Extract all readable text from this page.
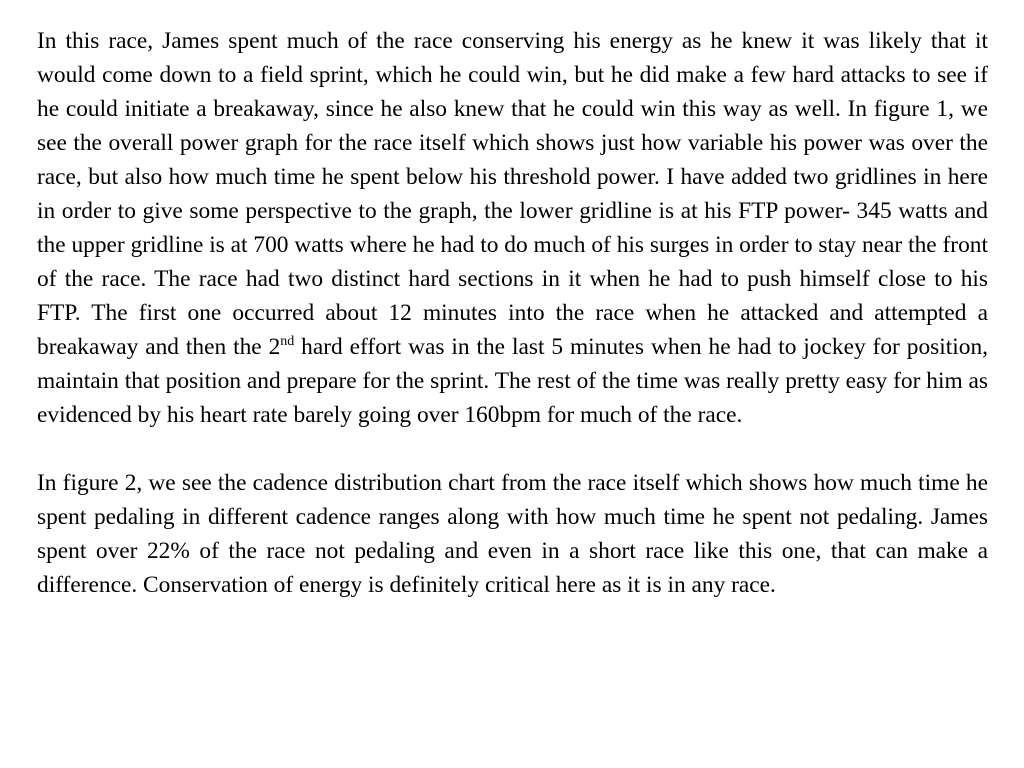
In this race, James spent much of the race conserving his energy as he knew it was likely that it would come down to a field sprint, which he could win, but he did make a few hard attacks to see if he could initiate a breakaway, since he also knew that he could win this way as well. In figure 1, we see the overall power graph for the race itself which shows just how variable his power was over the race, but also how much time he spent below his threshold power. I have added two gridlines in here in order to give some perspective to the graph, the lower gridline is at his FTP power- 345 watts and the upper gridline is at 700 watts where he had to do much of his surges in order to stay near the front of the race. The race had two distinct hard sections in it when he had to push himself close to his FTP. The first one occurred about 12 minutes into the race when he attacked and attempted a breakaway and then the 2nd hard effort was in the last 5 minutes when he had to jockey for position, maintain that position and prepare for the sprint. The rest of the time was really pretty easy for him as evidenced by his heart rate barely going over 160bpm for much of the race.

In figure 2, we see the cadence distribution chart from the race itself which shows how much time he spent pedaling in different cadence ranges along with how much time he spent not pedaling. James spent over 22% of the race not pedaling and even in a short race like this one, that can make a difference. Conservation of energy is definitely critical here as it is in any race.
